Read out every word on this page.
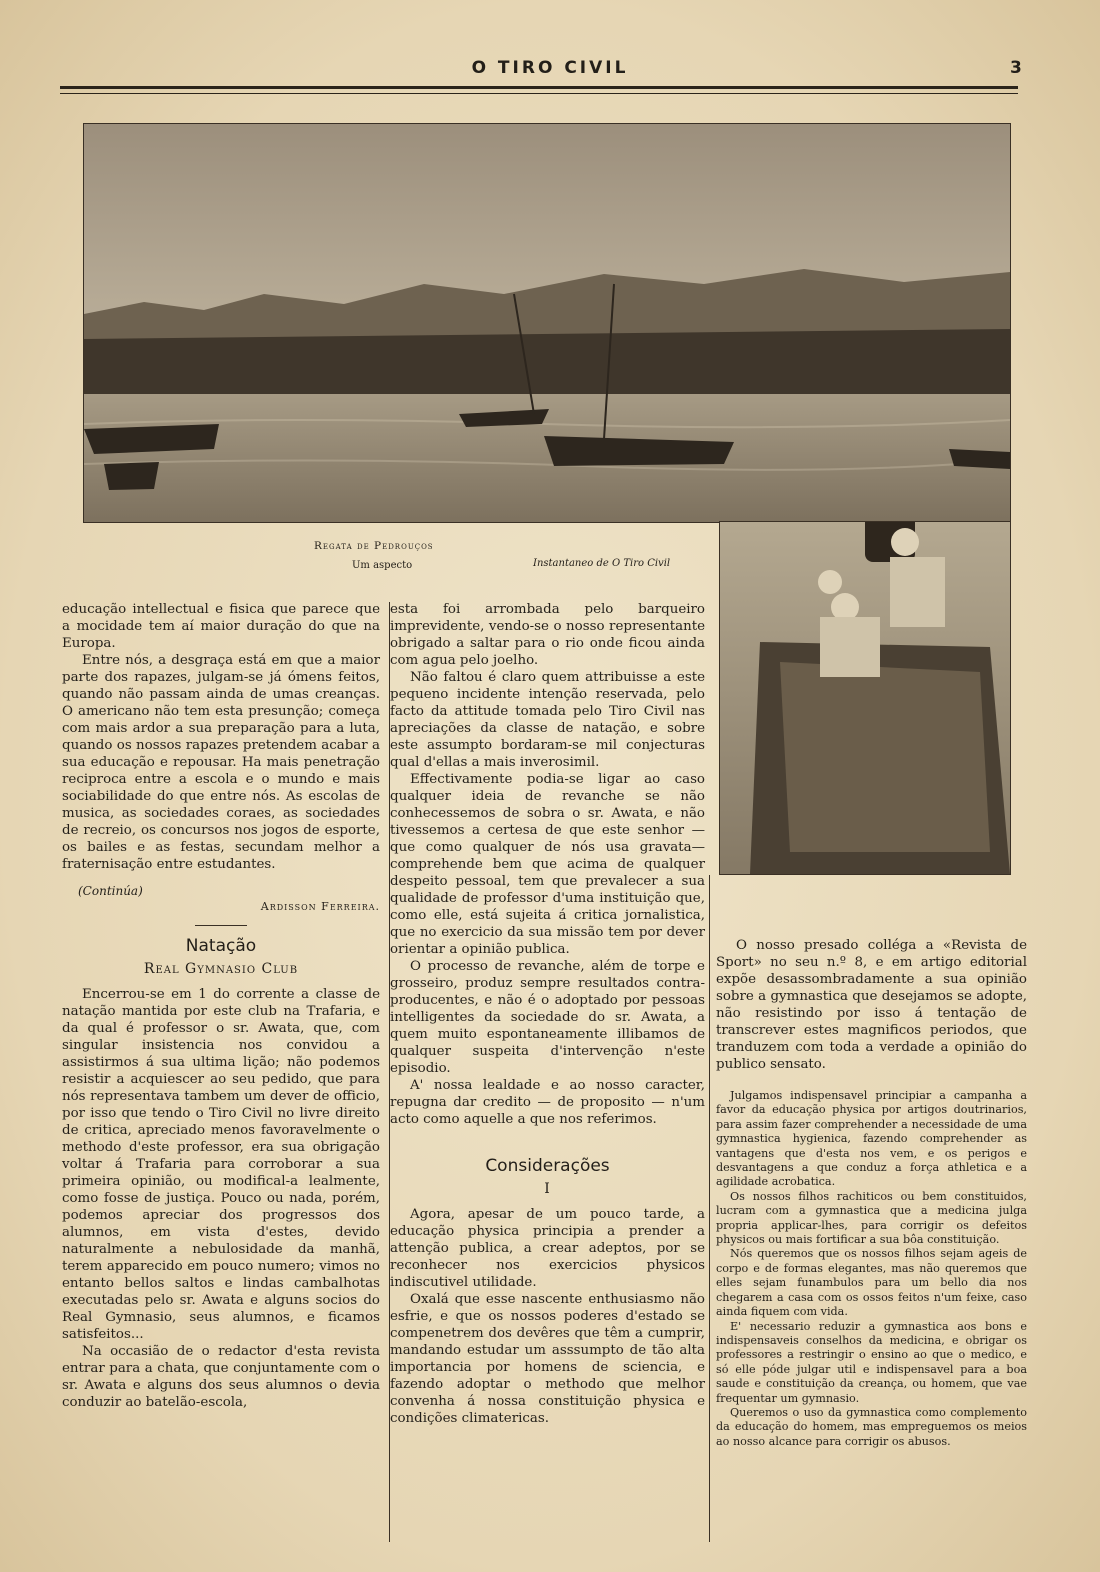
O TIRO CIVIL	3
Regata de Pedrouços
Um aspecto	Instantaneo de O Tiro Civil

educação intellectual e fisica que parece que a mocidade tem aí maior duração do que na Europa.

Entre nós, a desgraça está em que a maior parte dos rapazes, julgam-se já ómens feitos, quando não passam ainda de umas creanças. O americano não tem esta presunção; começa com mais ardor a sua preparação para a luta, quando os nossos rapazes pretendem acabar a sua educação e repousar. Ha mais penetração reciproca entre a escola e o mundo e mais sociabilidade do que entre nós. As escolas de musica, as sociedades coraes, as sociedades de recreio, os concursos nos jogos de esporte, os bailes e as festas, secundam melhor a fraternisação entre estudantes.

(Continúa)
Ardisson Ferreira.
Natação
Real Gymnasio Club

Encerrou-se em 1 do corrente a classe de natação mantida por este club na Trafaria, e da qual é professor o sr. Awata, que, com singular insistencia nos convidou a assistirmos á sua ultima lição; não podemos resistir a acquiescer ao seu pedido, que para nós representava tambem um dever de officio, por isso que tendo o Tiro Civil no livre direito de critica, apreciado menos favoravelmente o methodo d'este professor, era sua obrigação voltar á Trafaria para corroborar a sua primeira opinião, ou modifical-a lealmente, como fosse de justiça. Pouco ou nada, porém, podemos apreciar dos progressos dos alumnos, em vista d'estes, devido naturalmente a nebulosidade da manhã, terem apparecido em pouco numero; vimos no entanto bellos saltos e lindas cambalhotas executadas pelo sr. Awata e alguns socios do Real Gymnasio, seus alumnos, e ficamos satisfeitos...

Na occasião de o redactor d'esta revista entrar para a chata, que conjuntamente com o sr. Awata e alguns dos seus alumnos o devia conduzir ao batelão-escola,

esta foi arrombada pelo barqueiro imprevidente, vendo-se o nosso representante obrigado a saltar para o rio onde ficou ainda com agua pelo joelho.

Não faltou é claro quem attribuisse a este pequeno incidente intenção reservada, pelo facto da attitude tomada pelo Tiro Civil nas apreciações da classe de natação, e sobre este assumpto bordaram-se mil conjecturas qual d'ellas a mais inverosimil.

Effectivamente podia-se ligar ao caso qualquer ideia de revanche se não conhecessemos de sobra o sr. Awata, e não tivessemos a certesa de que este senhor —que como qualquer de nós usa gravata— comprehende bem que acima de qualquer despeito pessoal, tem que prevalecer a sua qualidade de professor d'uma instituição que, como elle, está sujeita á critica jornalistica, que no exercicio da sua missão tem por dever orientar a opinião publica.

O processo de revanche, além de torpe e grosseiro, produz sempre resultados contra-producentes, e não é o adoptado por pessoas intelligentes da sociedade do sr. Awata, a quem muito espontaneamente illibamos de qualquer suspeita d'intervenção n'este episodio.

A' nossa lealdade e ao nosso caracter, repugna dar credito — de proposito — n'um acto como aquelle a que nos referimos.

Considerações
I

Agora, apesar de um pouco tarde, a educação physica principia a prender a attenção publica, a crear adeptos, por se reconhecer nos exercicios physicos indiscutivel utilidade.

Oxalá que esse nascente enthusiasmo não esfrie, e que os nossos poderes d'estado se compenetrem dos devêres que têm a cumprir, mandando estudar um asssumpto de tão alta importancia por homens de sciencia, e fazendo adoptar o methodo que melhor convenha á nossa constituição physica e condições climatericas.

O nosso presado colléga a «Revista de Sport» no seu n.º 8, e em artigo editorial expõe desassombradamente a sua opinião sobre a gymnastica que desejamos se adopte, não resistindo por isso á tentação de transcrever estes magnificos periodos, que tranduzem com toda a verdade a opinião do publico sensato.

Julgamos indispensavel principiar a campanha a favor da educação physica por artigos doutrinarios, para assim fazer comprehender a necessidade de uma gymnastica hygienica, fazendo comprehender as vantagens que d'esta nos vem, e os perigos e desvantagens a que conduz a força athletica e a agilidade acrobatica.

Os nossos filhos rachiticos ou bem constituidos, lucram com a gymnastica que a medicina julga propria applicar-lhes, para corrigir os defeitos physicos ou mais fortificar a sua bôa constituição.

Nós queremos que os nossos filhos sejam ageis de corpo e de formas elegantes, mas não queremos que elles sejam funambulos para um bello dia nos chegarem a casa com os ossos feitos n'um feixe, caso ainda fiquem com vida.

E' necessario reduzir a gymnastica aos bons e indispensaveis conselhos da medicina, e obrigar os professores a restringir o ensino ao que o medico, e só elle póde julgar util e indispensavel para a boa saude e constituição da creança, ou homem, que vae frequentar um gymnasio.

Queremos o uso da gymnastica como complemento da educação do homem, mas empreguemos os meios ao nosso alcance para corrigir os abusos.
